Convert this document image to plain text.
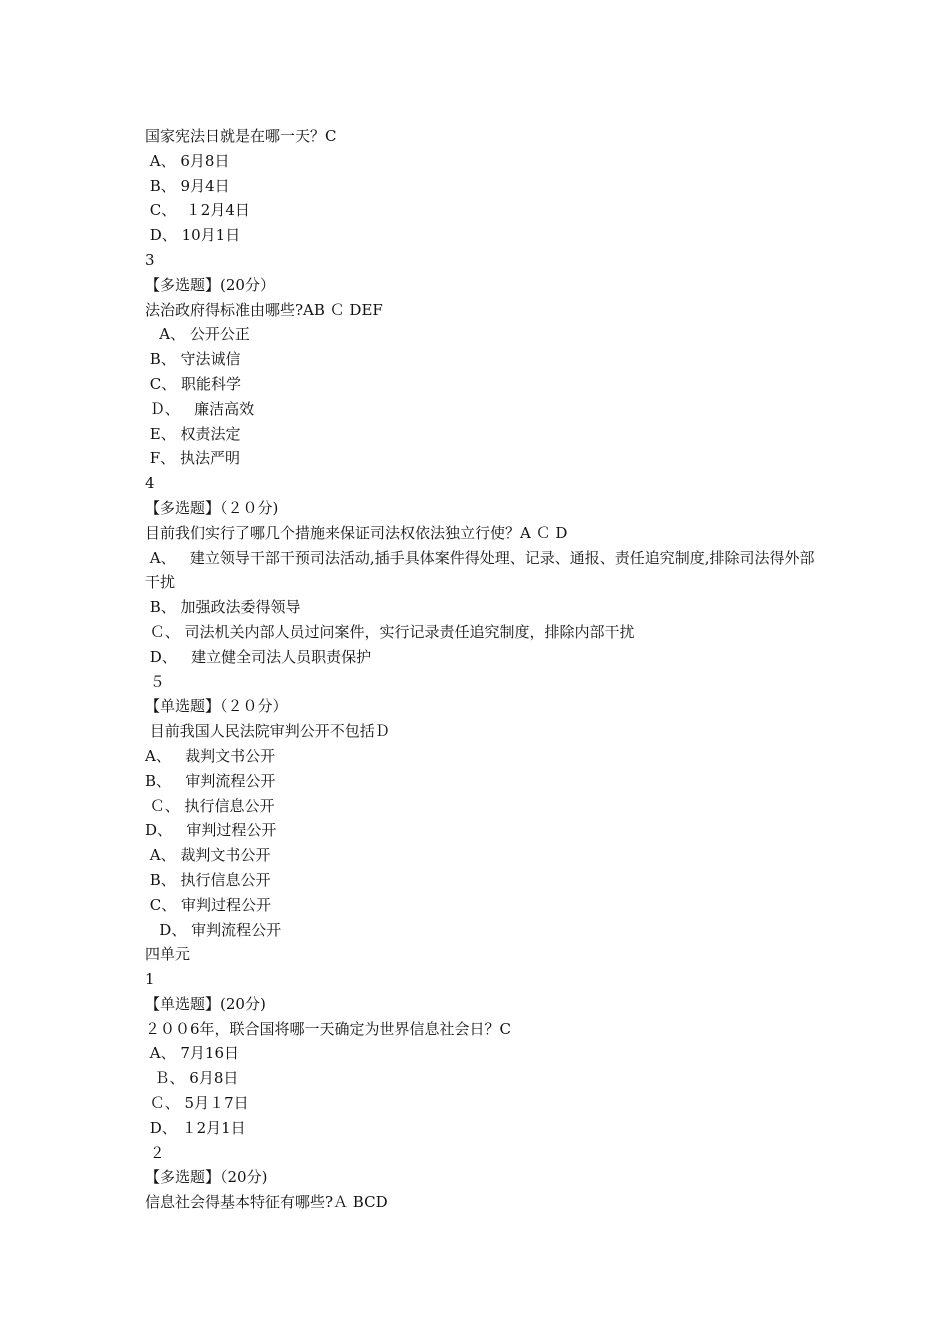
国家宪法日就是在哪一天？C
A、 6月8日
B、 9月4日
C、  １2月4日
D、 10月1日
3
【多选题】(20分）
法治政府得标准由哪些?AB Ｃ DEF
A、 公开公正
B、 守法诚信
C、 职能科学
Ｄ、   廉洁高效
E、 权责法定
F、 执法严明
4
【多选题】（２０分)
目前我们实行了哪几个措施来保证司法权依法独立行使？A Ｃ D
A、   建立领导干部干预司法活动,插手具体案件得处理、记录、通报、责任追究制度,排除司法得外部干扰
B、 加强政法委得领导
Ｃ、 司法机关内部人员过问案件，实行记录责任追究制度，排除内部干扰
D、   建立健全司法人员职责保护
５
【单选题】（２０分）
目前我国人民法院审判公开不包括Ｄ
A、   裁判文书公开
B、   审判流程公开
Ｃ、 执行信息公开
D、   审判过程公开
A、 裁判文书公开
B、 执行信息公开
C、 审判过程公开
D、 审判流程公开
四单元
1
【单选题】(20分)
２００6年，联合国将哪一天确定为世界信息社会日？C
A、 7月16日
Ｂ、 6月8日
Ｃ、 5月１7日
D、 １2月1日
２
【多选题】（20分)
信息社会得基本特征有哪些?Ａ BCD
